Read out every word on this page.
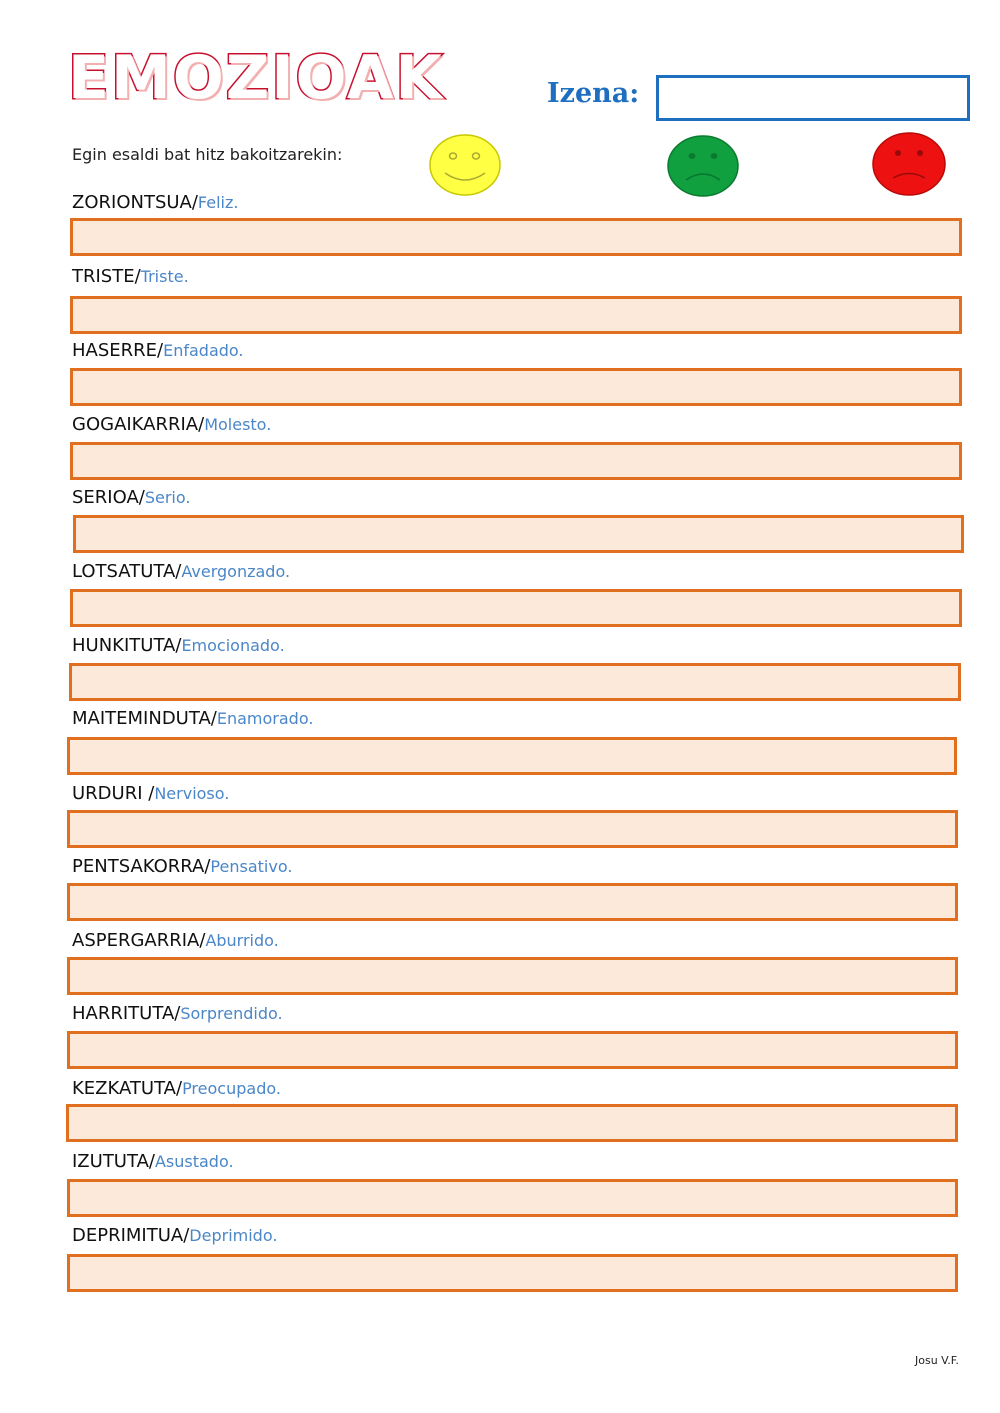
EMOZIOAK	Izena:
Egin esaldi bat hitz bakoitzarekin:
ZORIONTSUA/Feliz.
TRISTE/Triste.
HASERRE/Enfadado.
GOGAIKARRIA/Molesto.
SERIOA/Serio.
LOTSATUTA/Avergonzado.
HUNKITUTA/Emocionado.
MAITEMINDUTA/Enamorado.
URDURI /Nervioso.
PENTSAKORRA/Pensativo.
ASPERGARRIA/Aburrido.
HARRITUTA/Sorprendido.
KEZKATUTA/Preocupado.
IZUTUTA/Asustado.
DEPRIMITUA/Deprimido.
Josu V.F.
